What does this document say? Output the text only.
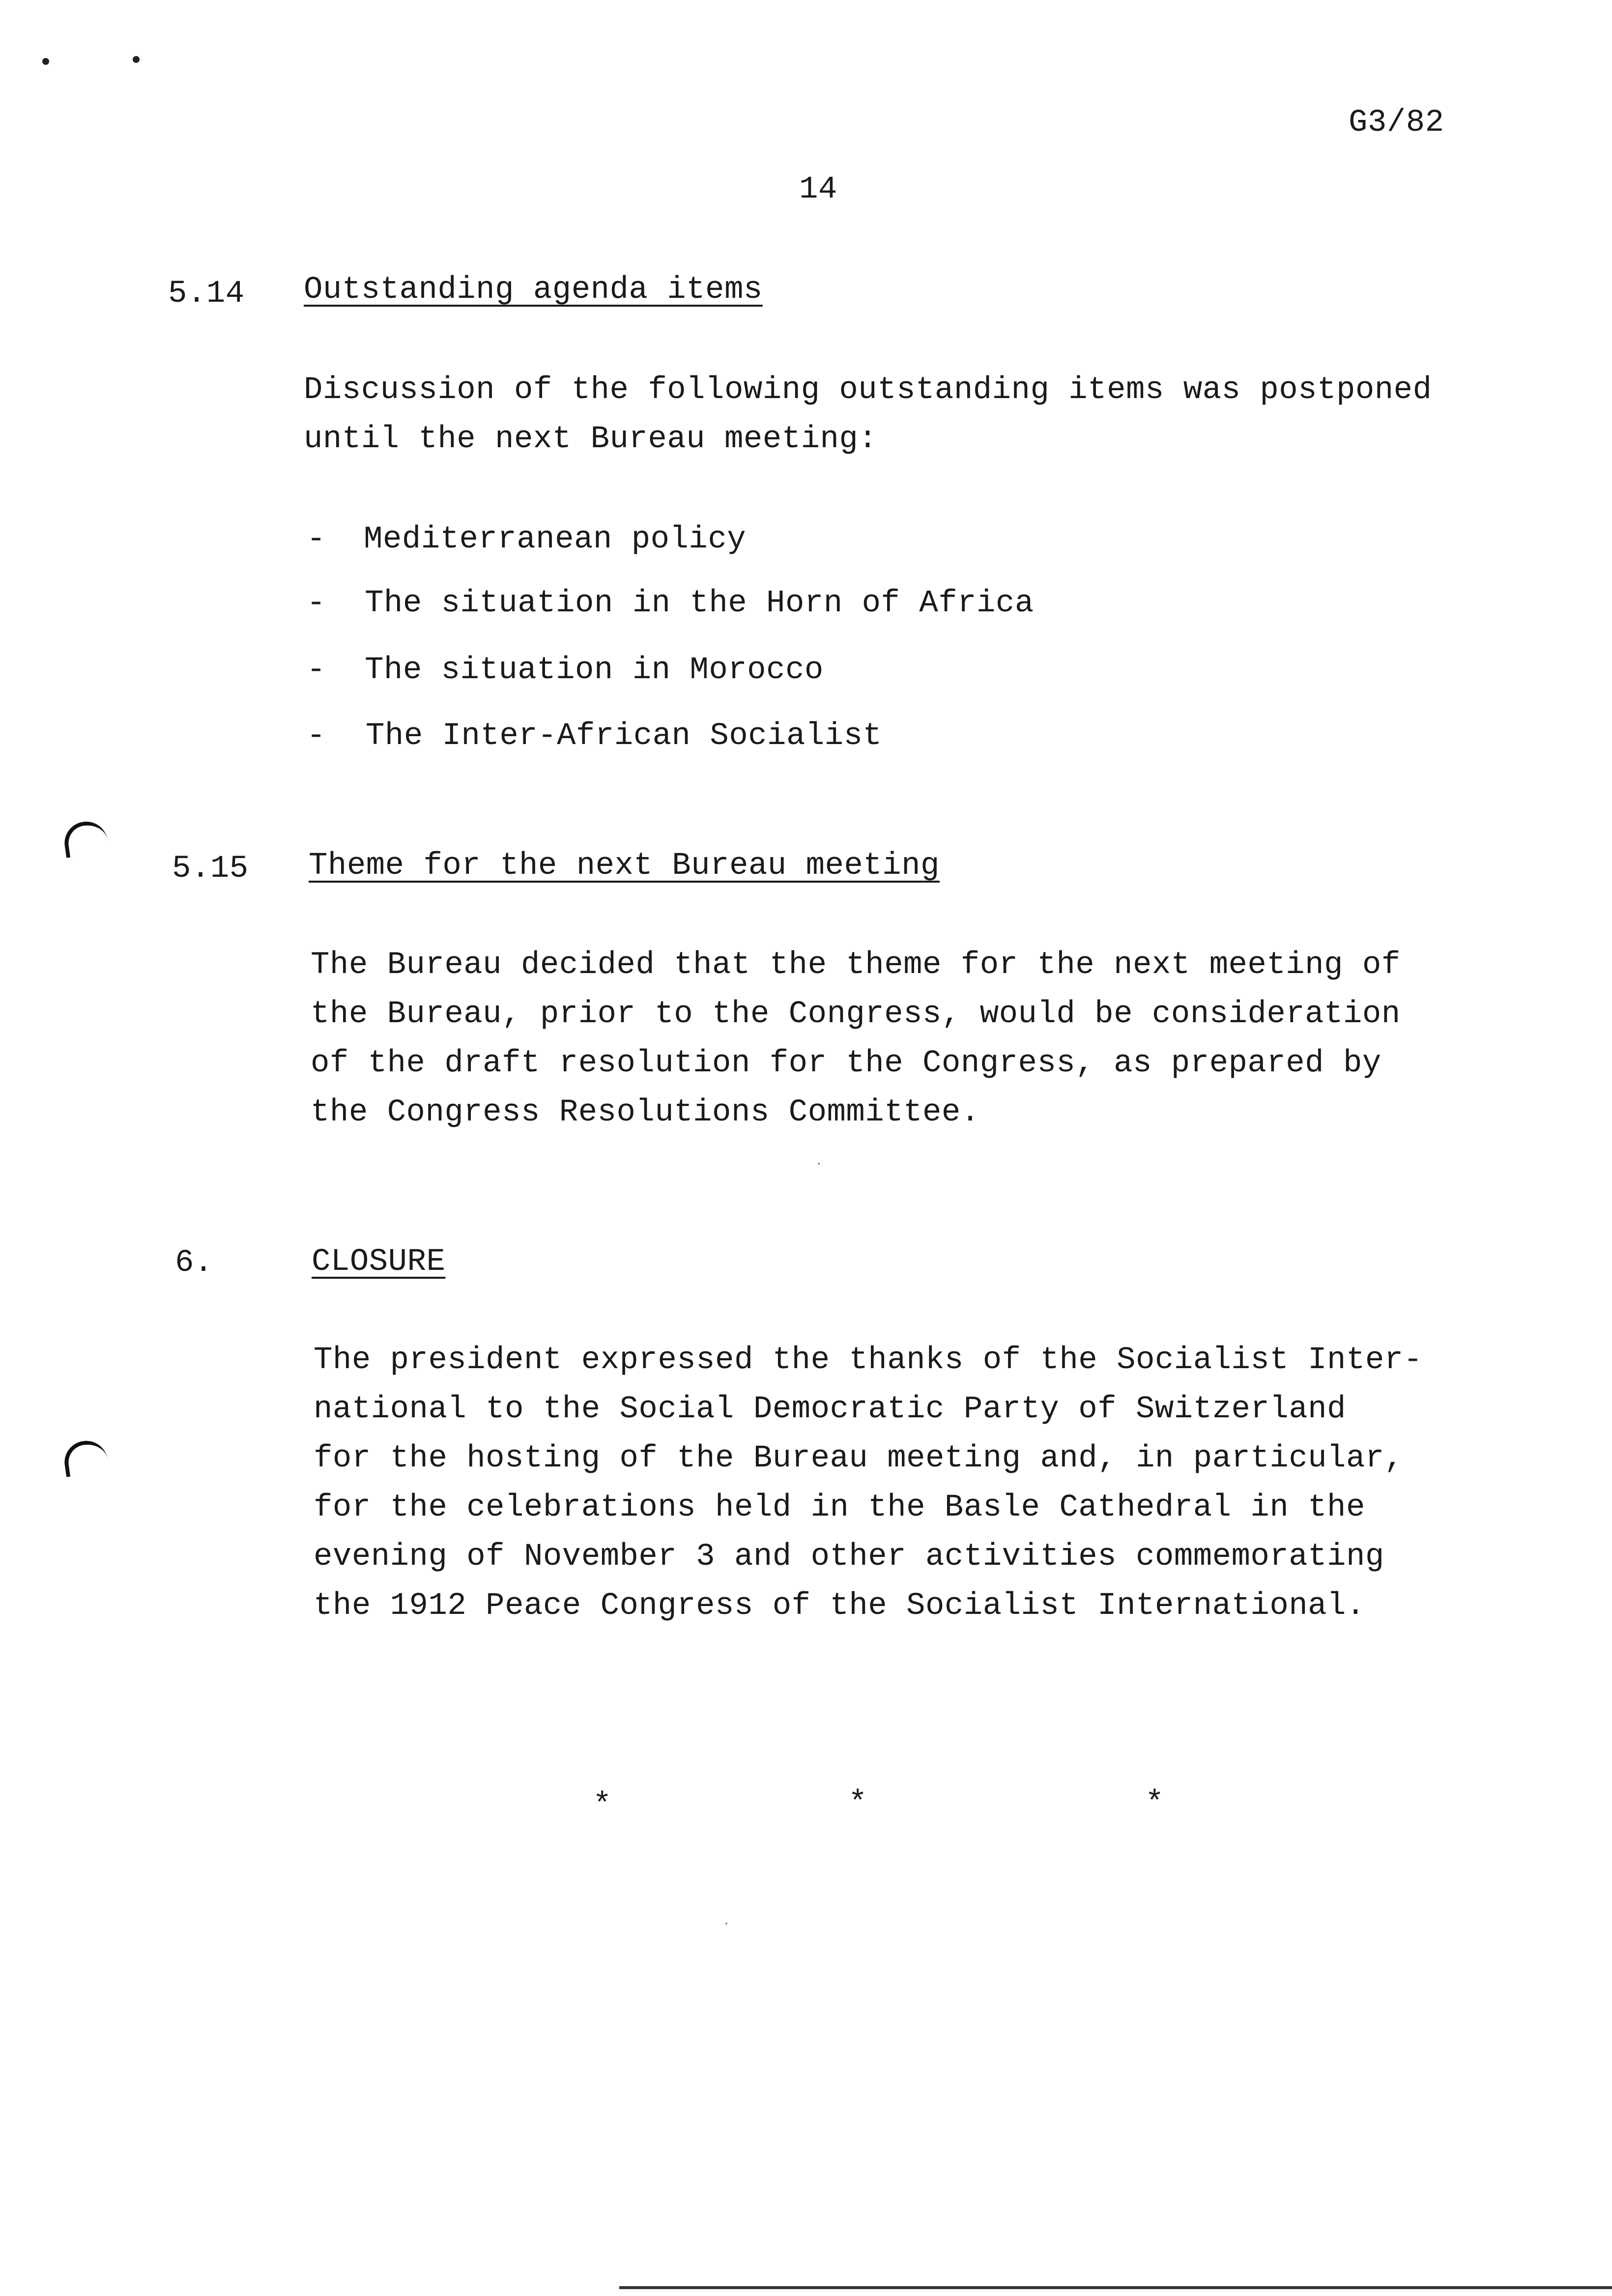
G3/82
14
5.14 Outstanding agenda items
Discussion of the following outstanding items was postponed
until the next Bureau meeting:
- Mediterranean policy
- The situation in the Horn of Africa
- The situation in Morocco
- The Inter-African Socialist
5.15 Theme for the next Bureau meeting
The Bureau decided that the theme for the next meeting of
the Bureau, prior to the Congress, would be consideration
of the draft resolution for the Congress, as prepared by
the Congress Resolutions Committee.
6.	CLOSURE
The president expressed the thanks of the Socialist Inter-
national to the Social Democratic Party of Switzerland
for the hosting of the Bureau meeting and, in particular,
for the celebrations held in the Basle Cathedral in the
evening of November 3 and other activities commemorating
the 1912 Peace Congress of the Socialist International.
*	*	*
